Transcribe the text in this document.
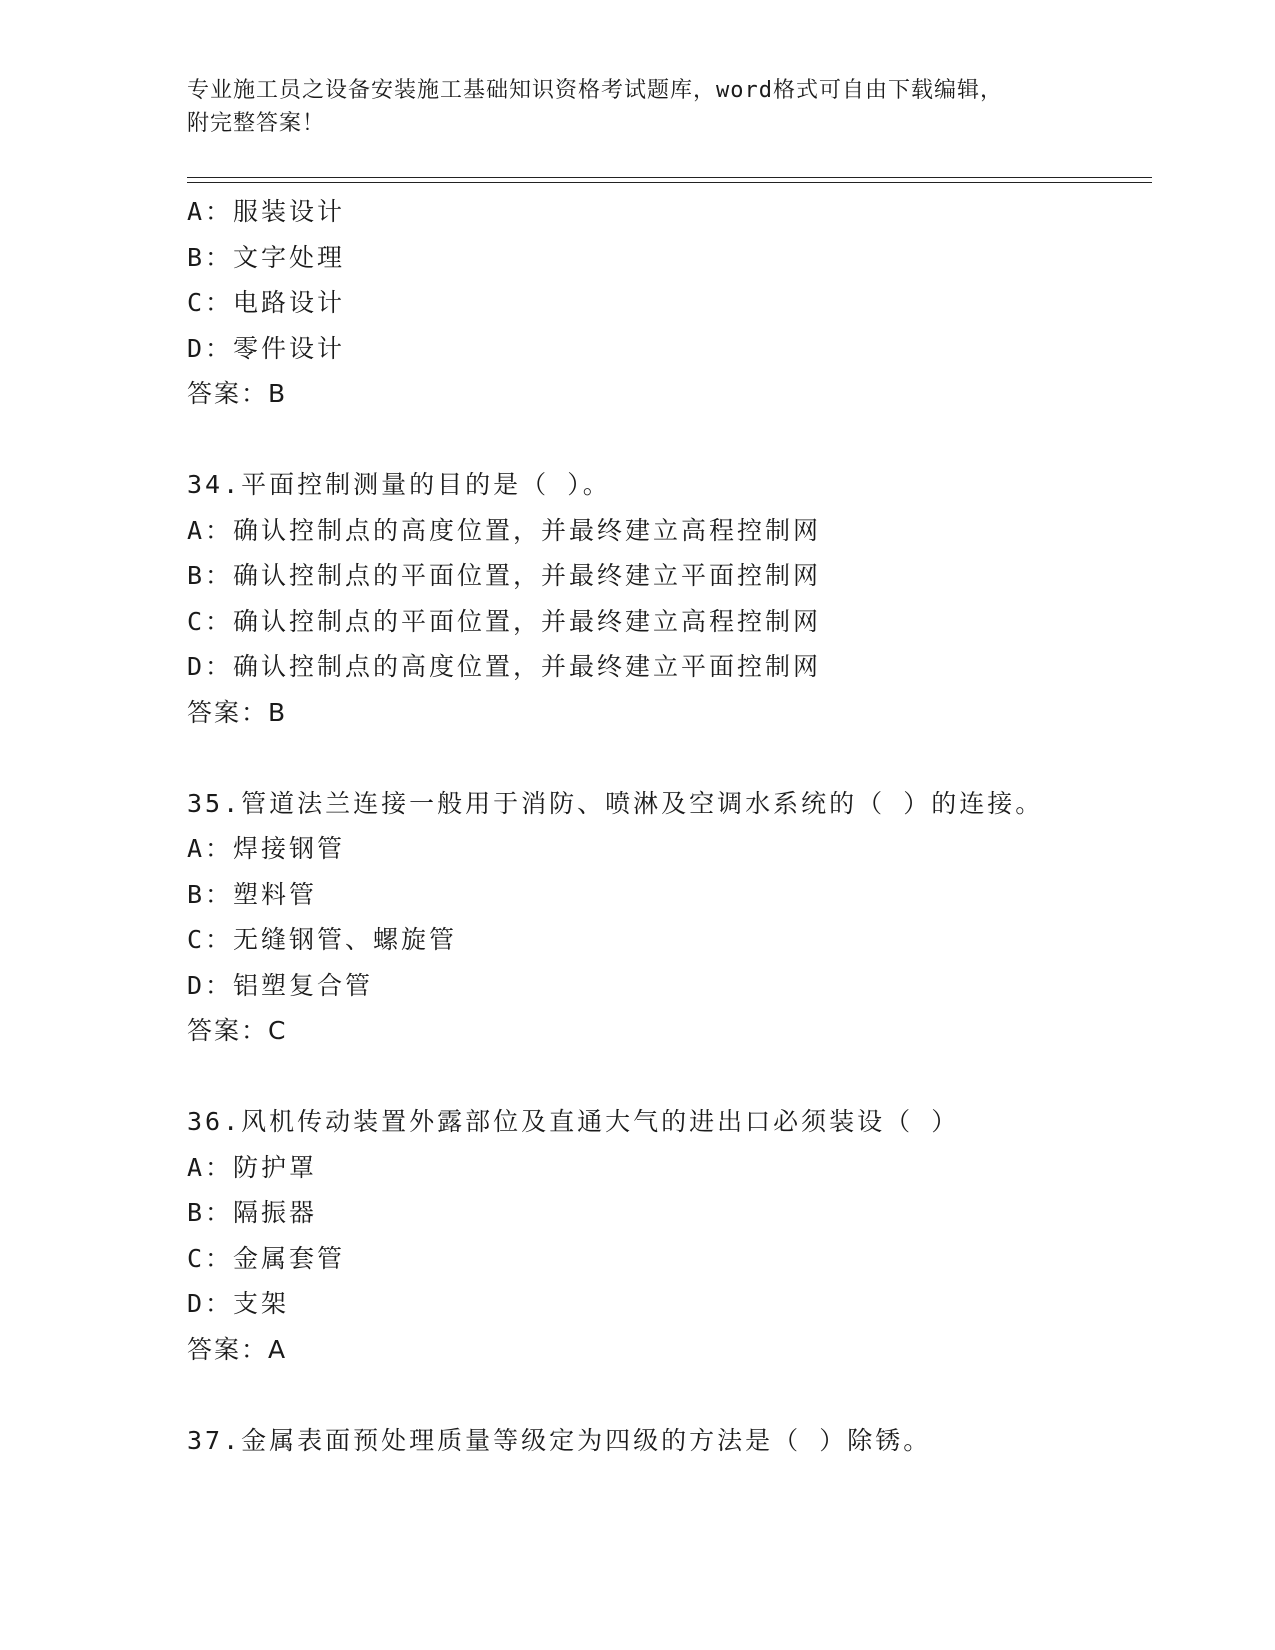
专业施工员之设备安装施工基础知识资格考试题库，word格式可自由下载编辑，
附完整答案！
A：服装设计
B：文字处理
C：电路设计
D：零件设计
答案：B
34.平面控制测量的目的是（ ）。
A：确认控制点的高度位置，并最终建立高程控制网
B：确认控制点的平面位置，并最终建立平面控制网
C：确认控制点的平面位置，并最终建立高程控制网
D：确认控制点的高度位置，并最终建立平面控制网
答案：B
35.管道法兰连接一般用于消防、喷淋及空调水系统的（ ）的连接。
A：焊接钢管
B：塑料管
C：无缝钢管、螺旋管
D：铝塑复合管
答案：C
36.风机传动装置外露部位及直通大气的进出口必须装设（ ）
A：防护罩
B：隔振器
C：金属套管
D：支架
答案：A
37.金属表面预处理质量等级定为四级的方法是（ ）除锈。
